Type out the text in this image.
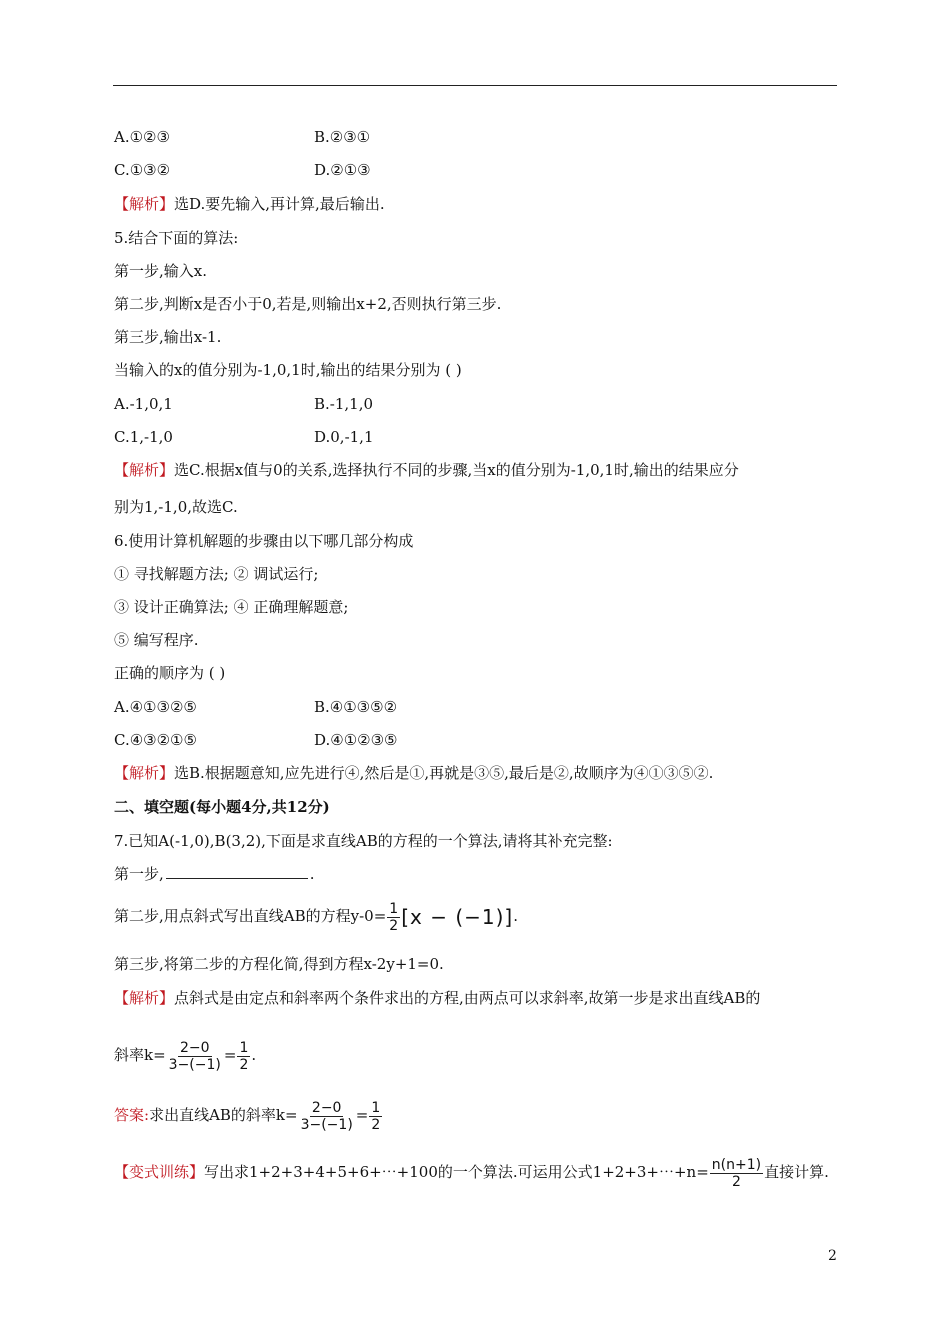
A.①②③	B.②③①
C.①③②	D.②①③
【解析】选D.要先输入,再计算,最后输出.
5.结合下面的算法:
第一步,输入x.
第二步,判断x是否小于0,若是,则输出x+2,否则执行第三步.
第三步,输出x-1.
当输入的x的值分别为-1,0,1时,输出的结果分别为 ( )
A.-1,0,1	B.-1,1,0
C.1,-1,0	D.0,-1,1
【解析】选C.根据x值与0的关系,选择执行不同的步骤,当x的值分别为-1,0,1时,输出的结果应分
别为1,-1,0,故选C.
6.使用计算机解题的步骤由以下哪几部分构成
① 寻找解题方法; ② 调试运行;
③ 设计正确算法; ④ 正确理解题意;
⑤ 编写程序.
正确的顺序为 ( )
A.④①③②⑤	B.④①③⑤②
C.④③②①⑤	D.④①②③⑤
【解析】选B.根据题意知,应先进行④,然后是①,再就是③⑤,最后是②,故顺序为④①③⑤②.
二、填空题(每小题4分,共12分)
7.已知A(-1,0),B(3,2),下面是求直线AB的方程的一个算法,请将其补充完整:
第一步,	.
第二步,用点斜式写出直线AB的方程$y-0= \frac{1}{2} [x - (-1)]$.
第三步,将第二步的方程化简,得到方程x-2y+1=0.
【解析】点斜式是由定点和斜率两个条件求出的方程,由两点可以求斜率,故第一步是求出直线AB的
斜率$k= \frac{2-0}{3-(-1)} = \frac{1}{2}$ .
答案:求出直线AB的斜率$k= \frac{2-0}{3-(-1)} = \frac{1}{2}$
【变式训练】写出求1+2+3+4+5+6+⋯+100的一个算法.可运用公式1+2+3+⋯+n= $\frac{n(n+1)}{2}$ 直接计算.
2
